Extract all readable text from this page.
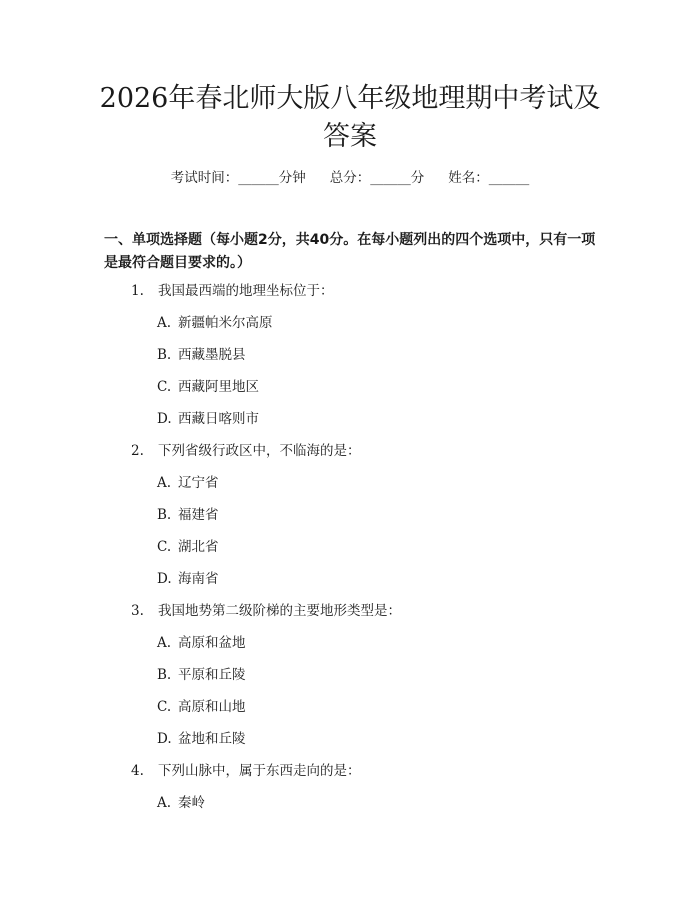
2026年春北师大版八年级地理期中考试及答案
考试时间：______分钟 总分：______分 姓名：______
一、单项选择题（每小题2分，共40分。在每小题列出的四个选项中，只有一项是最符合题目要求的。）
1. 我国最西端的地理坐标位于：
A. 新疆帕米尔高原
B. 西藏墨脱县
C. 西藏阿里地区
D. 西藏日喀则市
2. 下列省级行政区中，不临海的是：
A. 辽宁省
B. 福建省
C. 湖北省
D. 海南省
3. 我国地势第二级阶梯的主要地形类型是：
A. 高原和盆地
B. 平原和丘陵
C. 高原和山地
D. 盆地和丘陵
4. 下列山脉中，属于东西走向的是：
A. 秦岭
